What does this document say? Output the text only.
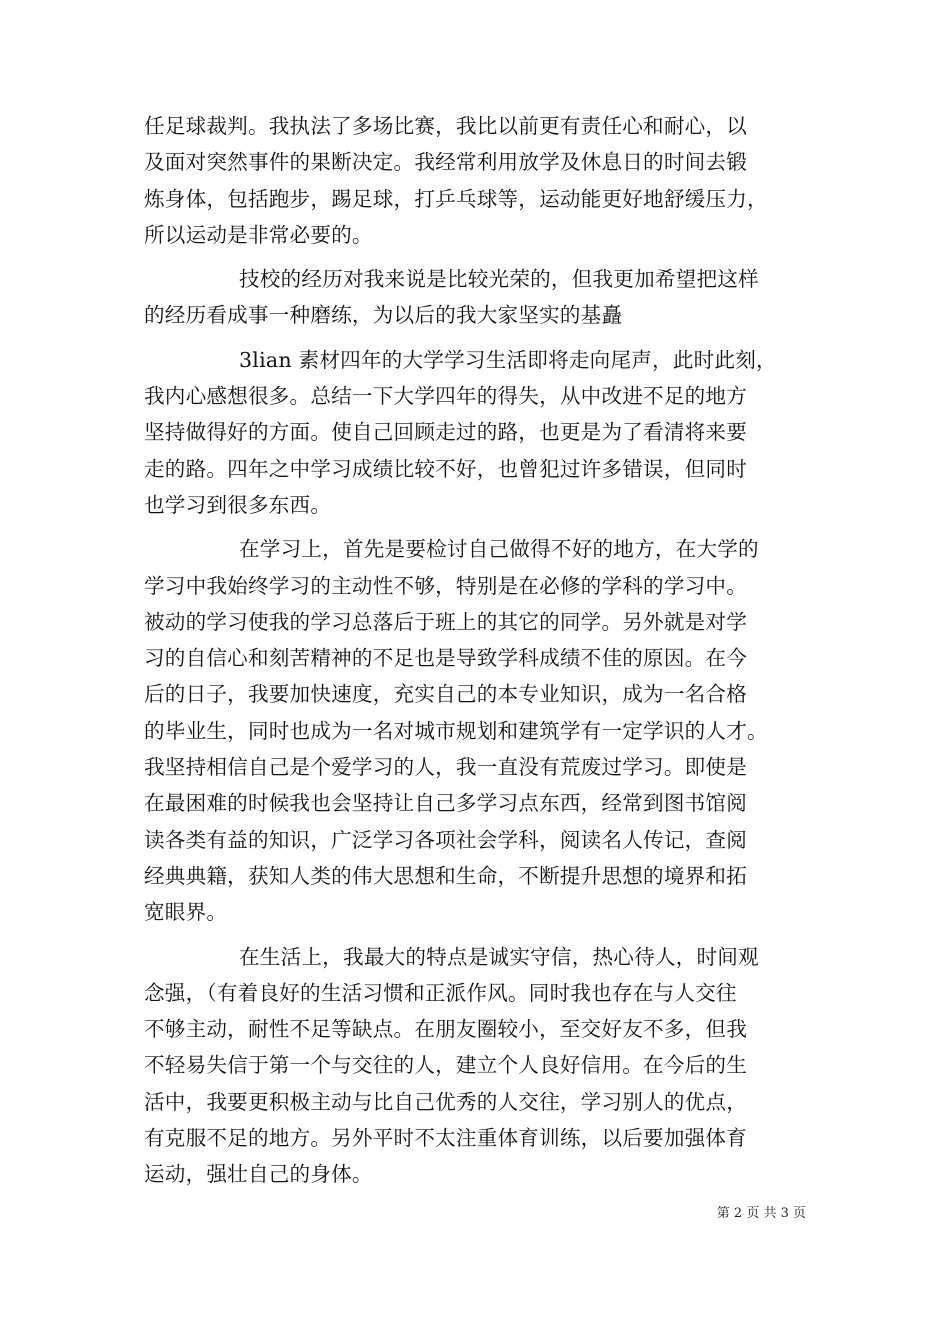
任足球裁判。我执法了多场比赛，我比以前更有责任心和耐心，以
及面对突然事件的果断决定。我经常利用放学及休息日的时间去锻
炼身体，包括跑步，踢足球，打乒乓球等，运动能更好地舒缓压力，
所以运动是非常必要的。
技校的经历对我来说是比较光荣的，但我更加希望把这样
的经历看成事一种磨练，为以后的我大家坚实的基矗
3lian 素材四年的大学学习生活即将走向尾声，此时此刻，
我内心感想很多。总结一下大学四年的得失，从中改进不足的地方
坚持做得好的方面。使自己回顾走过的路，也更是为了看清将来要
走的路。四年之中学习成绩比较不好，也曾犯过许多错误，但同时
也学习到很多东西。
在学习上，首先是要检讨自己做得不好的地方，在大学的
学习中我始终学习的主动性不够，特别是在必修的学科的学习中。
被动的学习使我的学习总落后于班上的其它的同学。另外就是对学
习的自信心和刻苦精神的不足也是导致学科成绩不佳的原因。在今
后的日子，我要加快速度，充实自己的本专业知识，成为一名合格
的毕业生，同时也成为一名对城市规划和建筑学有一定学识的人才。
我坚持相信自己是个爱学习的人，我一直没有荒废过学习。即使是
在最困难的时候我也会坚持让自己多学习点东西，经常到图书馆阅
读各类有益的知识，广泛学习各项社会学科，阅读名人传记，查阅
经典典籍，获知人类的伟大思想和生命，不断提升思想的境界和拓
宽眼界。
在生活上，我最大的特点是诚实守信，热心待人，时间观
念强，（有着良好的生活习惯和正派作风。同时我也存在与人交往
不够主动，耐性不足等缺点。在朋友圈较小，至交好友不多，但我
不轻易失信于第一个与交往的人，建立个人良好信用。在今后的生
活中，我要更积极主动与比自己优秀的人交往，学习别人的优点，
有克服不足的地方。另外平时不太注重体育训练，以后要加强体育
运动，强壮自己的身体。
第 2 页 共 3 页
